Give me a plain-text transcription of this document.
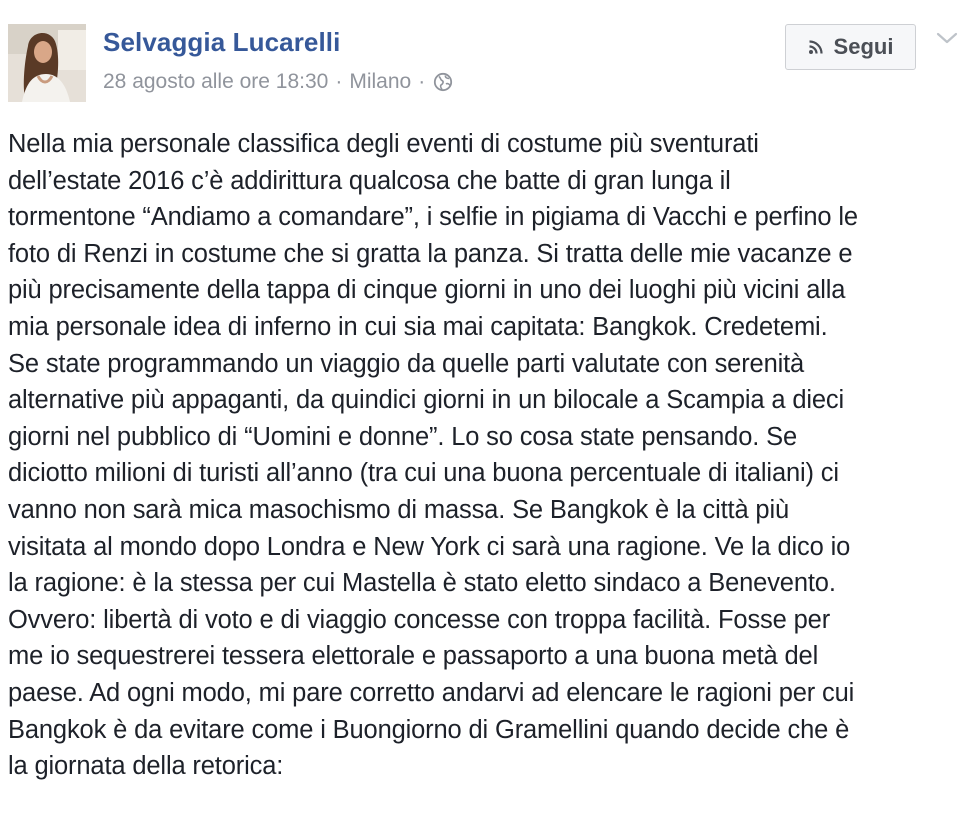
Selvaggia Lucarelli
28 agosto alle ore 18:30 · Milano ·
Segui
Nella mia personale classifica degli eventi di costume più sventurati
dell’estate 2016 c’è addirittura qualcosa che batte di gran lunga il
tormentone “Andiamo a comandare”, i selfie in pigiama di Vacchi e perfino le
foto di Renzi in costume che si gratta la panza. Si tratta delle mie vacanze e
più precisamente della tappa di cinque giorni in uno dei luoghi più vicini alla
mia personale idea di inferno in cui sia mai capitata: Bangkok. Credetemi.
Se state programmando un viaggio da quelle parti valutate con serenità
alternative più appaganti, da quindici giorni in un bilocale a Scampia a dieci
giorni nel pubblico di “Uomini e donne”. Lo so cosa state pensando. Se
diciotto milioni di turisti all’anno (tra cui una buona percentuale di italiani) ci
vanno non sarà mica masochismo di massa. Se Bangkok è la città più
visitata al mondo dopo Londra e New York ci sarà una ragione. Ve la dico io
la ragione: è la stessa per cui Mastella è stato eletto sindaco a Benevento.
Ovvero: libertà di voto e di viaggio concesse con troppa facilità. Fosse per
me io sequestrerei tessera elettorale e passaporto a una buona metà del
paese. Ad ogni modo, mi pare corretto andarvi ad elencare le ragioni per cui
Bangkok è da evitare come i Buongiorno di Gramellini quando decide che è
la giornata della retorica:
